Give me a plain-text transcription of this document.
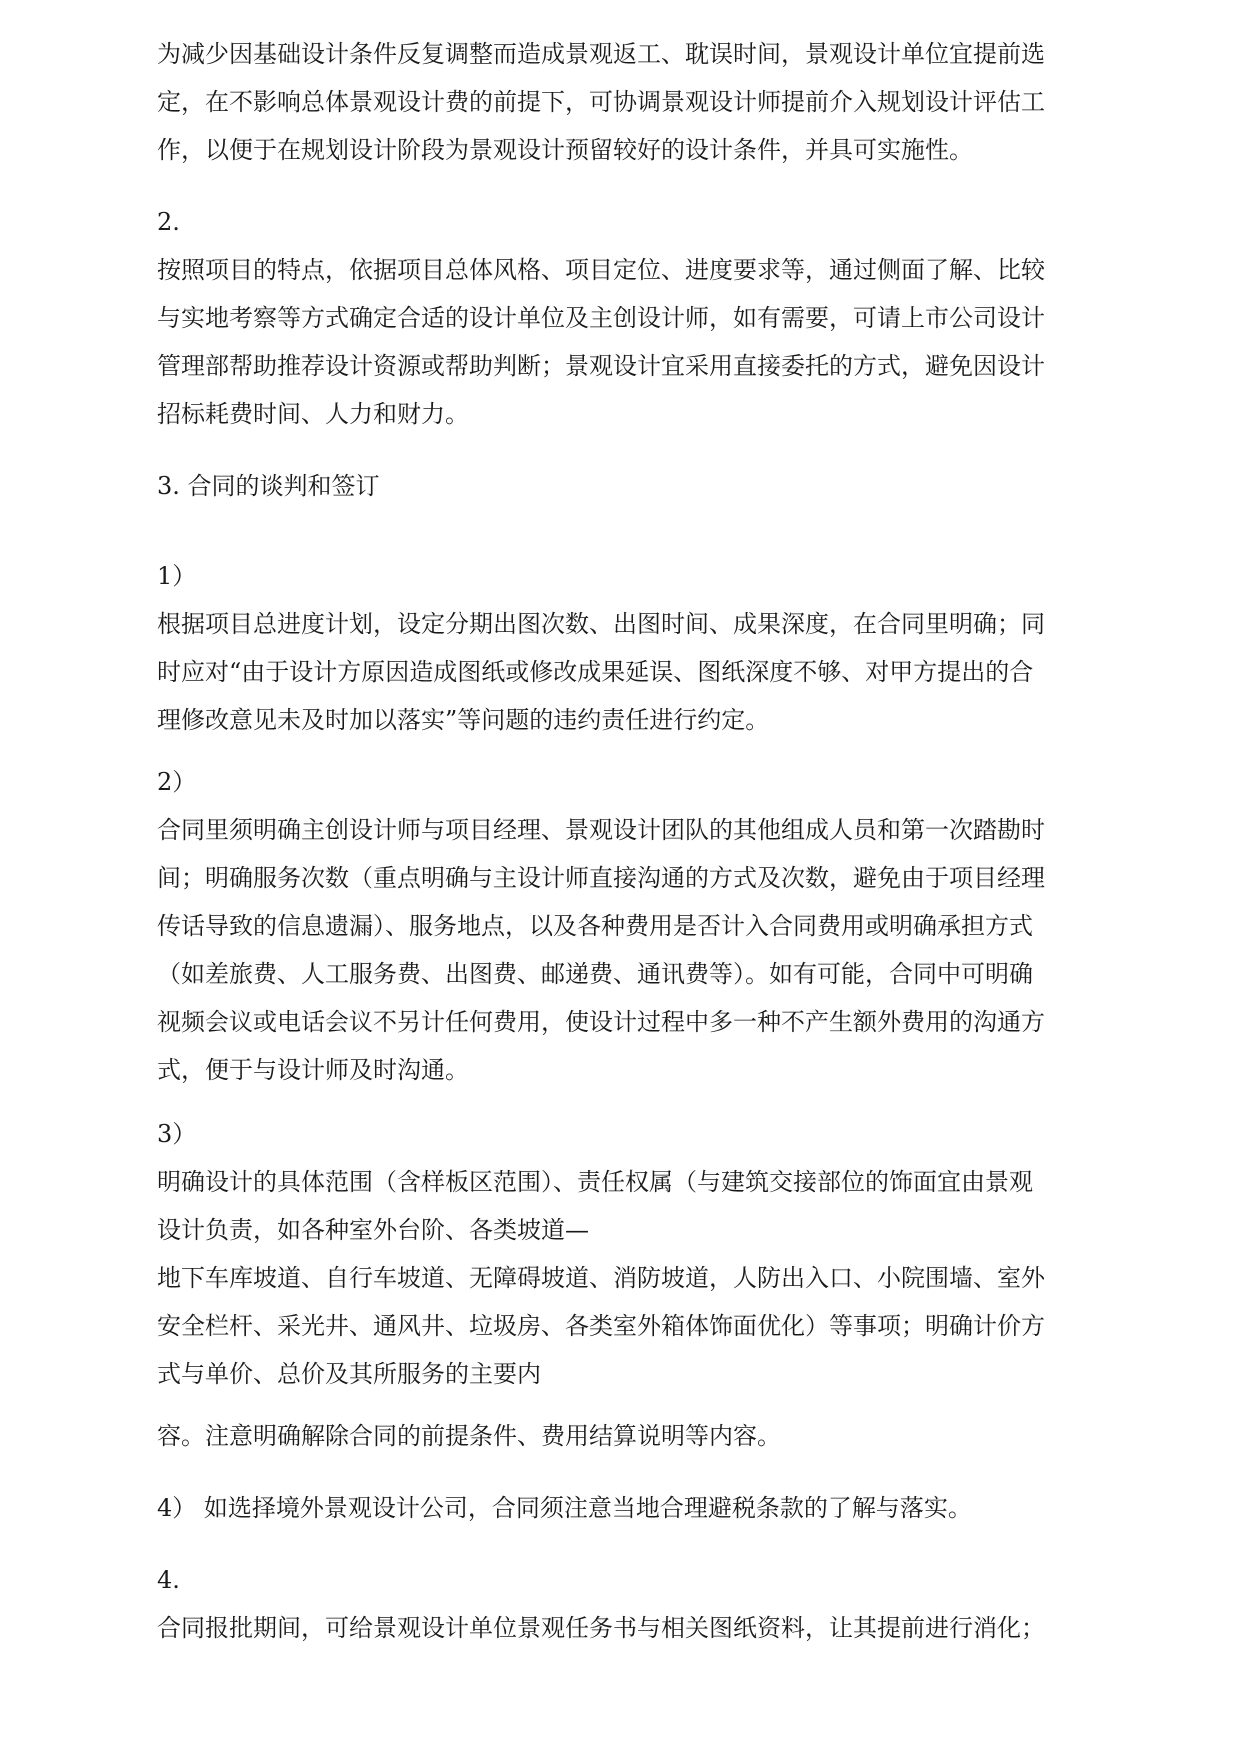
为减少因基础设计条件反复调整而造成景观返工、耽误时间，景观设计单位宜提前选
定，在不影响总体景观设计费的前提下，可协调景观设计师提前介入规划设计评估工
作，以便于在规划设计阶段为景观设计预留较好的设计条件，并具可实施性。
2.
按照项目的特点，依据项目总体风格、项目定位、进度要求等，通过侧面了解、比较
与实地考察等方式确定合适的设计单位及主创设计师，如有需要，可请上市公司设计
管理部帮助推荐设计资源或帮助判断；景观设计宜采用直接委托的方式，避免因设计
招标耗费时间、人力和财力。
3. 合同的谈判和签订
1）
根据项目总进度计划，设定分期出图次数、出图时间、成果深度，在合同里明确；同
时应对“由于设计方原因造成图纸或修改成果延误、图纸深度不够、对甲方提出的合
理修改意见未及时加以落实”等问题的违约责任进行约定。
2）
合同里须明确主创设计师与项目经理、景观设计团队的其他组成人员和第一次踏勘时
间；明确服务次数（重点明确与主设计师直接沟通的方式及次数，避免由于项目经理
传话导致的信息遗漏）、服务地点，以及各种费用是否计入合同费用或明确承担方式
（如差旅费、人工服务费、出图费、邮递费、通讯费等）。如有可能，合同中可明确
视频会议或电话会议不另计任何费用，使设计过程中多一种不产生额外费用的沟通方
式，便于与设计师及时沟通。
3）
明确设计的具体范围（含样板区范围）、责任权属（与建筑交接部位的饰面宜由景观
设计负责，如各种室外台阶、各类坡道—
地下车库坡道、自行车坡道、无障碍坡道、消防坡道，人防出入口、小院围墙、室外
安全栏杆、采光井、通风井、垃圾房、各类室外箱体饰面优化）等事项；明确计价方
式与单价、总价及其所服务的主要内
容。注意明确解除合同的前提条件、费用结算说明等内容。
4） 如选择境外景观设计公司，合同须注意当地合理避税条款的了解与落实。
4.
合同报批期间，可给景观设计单位景观任务书与相关图纸资料，让其提前进行消化；
